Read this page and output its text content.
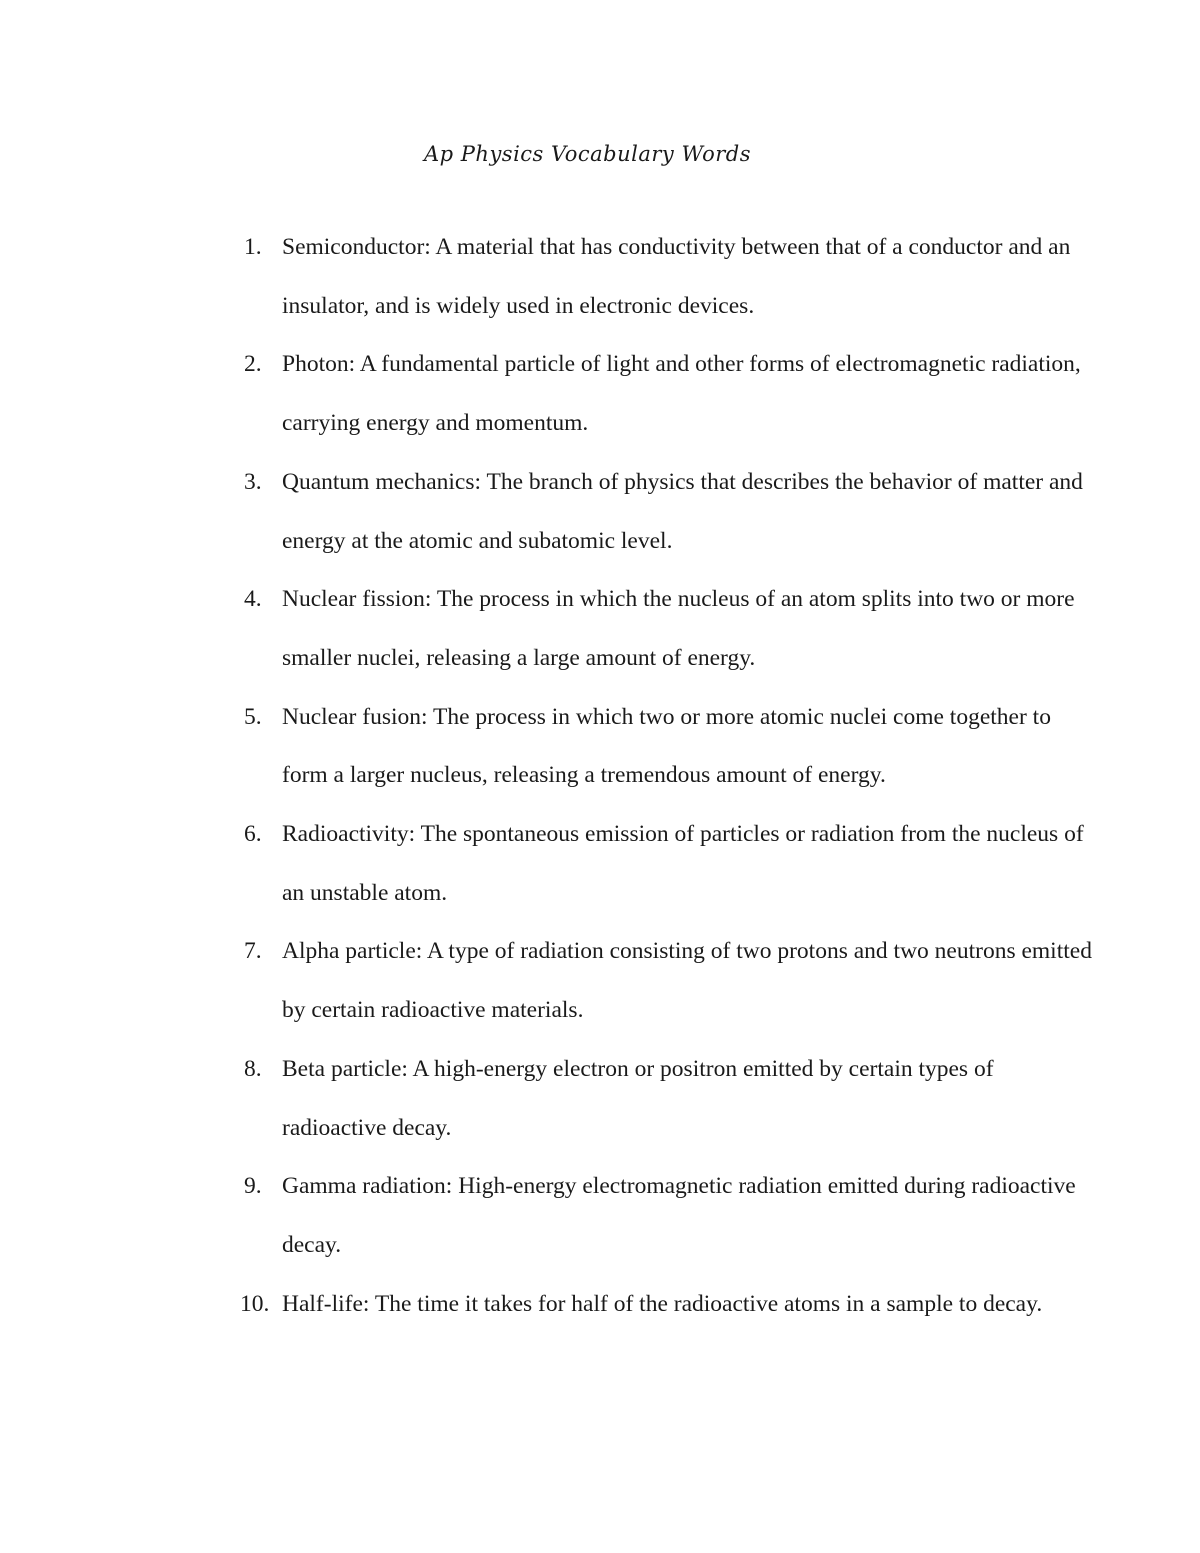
Ap Physics Vocabulary Words
1. Semiconductor: A material that has conductivity between that of a conductor and an insulator, and is widely used in electronic devices.
2. Photon: A fundamental particle of light and other forms of electromagnetic radiation, carrying energy and momentum.
3. Quantum mechanics: The branch of physics that describes the behavior of matter and energy at the atomic and subatomic level.
4. Nuclear fission: The process in which the nucleus of an atom splits into two or more smaller nuclei, releasing a large amount of energy.
5. Nuclear fusion: The process in which two or more atomic nuclei come together to form a larger nucleus, releasing a tremendous amount of energy.
6. Radioactivity: The spontaneous emission of particles or radiation from the nucleus of an unstable atom.
7. Alpha particle: A type of radiation consisting of two protons and two neutrons emitted by certain radioactive materials.
8. Beta particle: A high-energy electron or positron emitted by certain types of radioactive decay.
9. Gamma radiation: High-energy electromagnetic radiation emitted during radioactive decay.
10. Half-life: The time it takes for half of the radioactive atoms in a sample to decay.
